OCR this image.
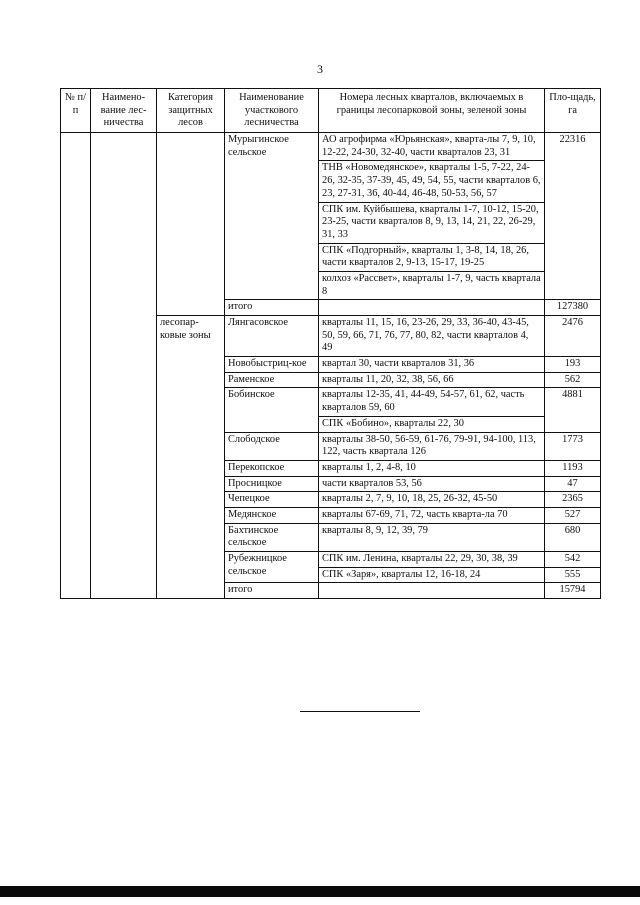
3
№ п/п	Наимено-вание лес-ничества	Категория защитных лесов	Наименование участкового лесничества	Номера лесных кварталов, включаемых в границы лесопарковой зоны, зеленой зоны	Пло-щадь, га
			Мурыгинское сельское	АО агрофирма «Юрьянская», кварта-лы 7, 9, 10, 12-22, 24-30, 32-40, части кварталов 23, 31	22316
				ТНВ «Новомедянское», кварталы 1-5, 7-22, 24-26, 32-35, 37-39, 45, 49, 54, 55, части кварталов 6, 23, 27-31, 36, 40-44, 46-48, 50-53, 56, 57	
				СПК им. Куйбышева, кварталы 1-7, 10-12, 15-20, 23-25, части кварталов 8, 9, 13, 14, 21, 22, 26-29, 31, 33	
				СПК «Подгорный», кварталы 1, 3-8, 14, 18, 26, части кварталов 2, 9-13, 15-17, 19-25	
				колхоз «Рассвет», кварталы 1-7, 9, часть квартала 8	
			итого		127380
		лесопар-ковые зоны	Лянгасовское	кварталы 11, 15, 16, 23-26, 29, 33, 36-40, 43-45, 50, 59, 66, 71, 76, 77, 80, 82, части кварталов 4, 49	2476
			Новобыстриц-кое	квартал 30, части кварталов 31, 36	193
			Раменское	кварталы 11, 20, 32, 38, 56, 66	562
			Бобинское	кварталы 12-35, 41, 44-49, 54-57, 61, 62, часть кварталов 59, 60	4881
				СПК «Бобино», кварталы 22, 30	
			Слободское	кварталы 38-50, 56-59, 61-76, 79-91, 94-100, 113, 122, часть квартала 126	1773
			Перекопское	кварталы 1, 2, 4-8, 10	1193
			Просницкое	части кварталов 53, 56	47
			Чепецкое	кварталы 2, 7, 9, 10, 18, 25, 26-32, 45-50	2365
			Медянское	кварталы 67-69, 71, 72, часть кварта-ла 70	527
			Бахтинское сельское	кварталы 8, 9, 12, 39, 79	680
			Рубежницкое сельское	СПК им. Ленина, кварталы 22, 29, 30, 38, 39	542
				СПК «Заря», кварталы 12, 16-18, 24	555
			итого		15794
